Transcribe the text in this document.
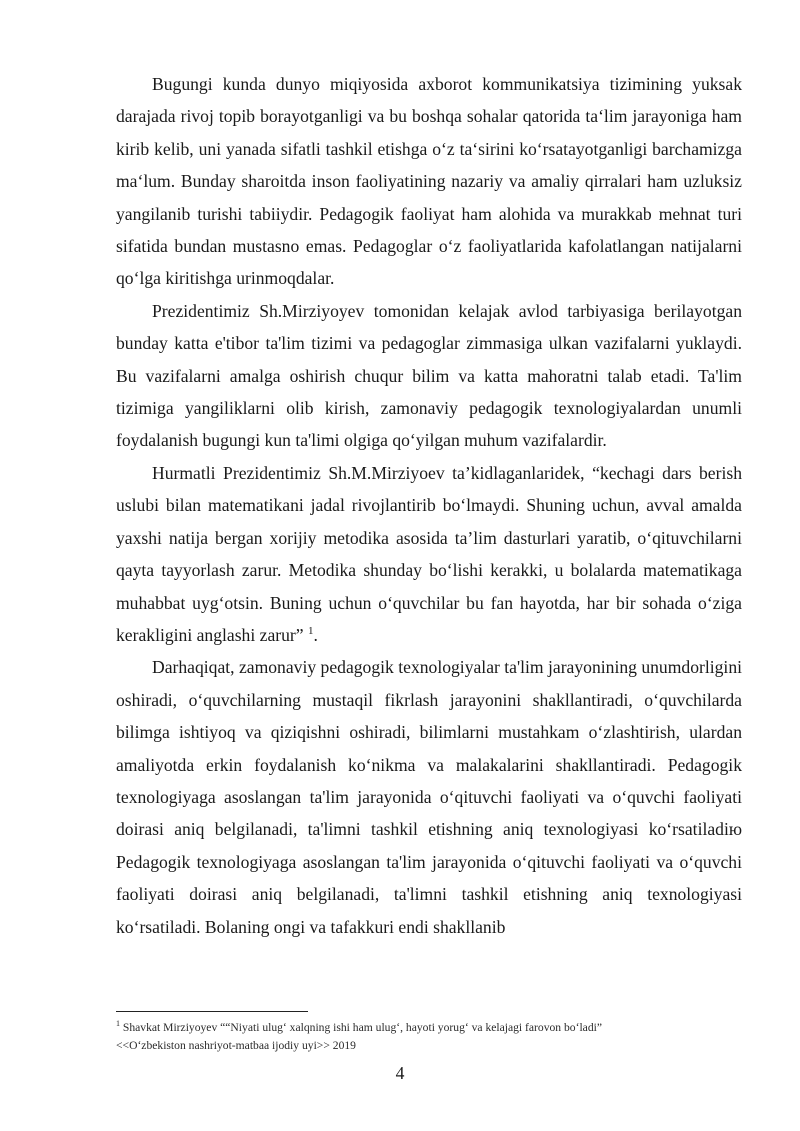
Bugungi kunda dunyo miqiyosida axborot kommunikatsiya tizimining yuksak darajada rivoj topib borayotganligi va bu boshqa sohalar qatorida taʻlim jarayoniga ham kirib kelib, uni yanada sifatli tashkil etishga oʻz taʻsirini koʻrsatayotganligi barchamizga maʻlum. Bunday sharoitda inson faoliyatining nazariy va amaliy qirralari ham uzluksiz yangilanib turishi tabiiydir. Pedagogik faoliyat ham alohida va murakkab mehnat turi sifatida bundan mustasno emas. Pedagoglar oʻz faoliyatlarida kafolatlangan natijalarni qoʻlga kiritishga urinmoqdalar.

Prezidentimiz Sh.Mirziyoyev tomonidan kelajak avlod tarbiyasiga berilayotgan bunday katta e'tibor ta'lim tizimi va pedagoglar zimmasiga ulkan vazifalarni yuklaydi. Bu vazifalarni amalga oshirish chuqur bilim va katta mahoratni talab etadi. Ta'lim tizimiga yangiliklarni olib kirish, zamonaviy pedagogik texnologiyalardan unumli foydalanish bugungi kun ta'limi olgiga qoʻyilgan muhum vazifalardir.

Hurmatli Prezidentimiz Sh.M.Mirziyoev ta’kidlaganlaridek, “kechagi dars berish uslubi bilan matematikani jadal rivojlantirib boʻlmaydi. Shuning uchun, avval amalda yaxshi natija bergan xorijiy metodika asosida ta’lim dasturlari yaratib, oʻqituvchilarni qayta tayyorlash zarur. Metodika shunday boʻlishi kerakki, u bolalarda matematikaga muhabbat uygʻotsin. Buning uchun oʻquvchilar bu fan hayotda, har bir sohada oʻziga kerakligini anglashi zarur” $^1$.

Darhaqiqat, zamonaviy pedagogik texnologiyalar ta'lim jarayonining unumdorligini oshiradi, oʻquvchilarning mustaqil fikrlash jarayonini shakllantiradi, oʻquvchilarda bilimga ishtiyoq va qiziqishni oshiradi, bilimlarni mustahkam oʻzlashtirish, ulardan amaliyotda erkin foydalanish koʻnikma va malakalarini shakllantiradi. Pedagogik texnologiyaga asoslangan ta'lim jarayonida oʻqituvchi faoliyati va oʻquvchi faoliyati doirasi aniq belgilanadi, ta'limni tashkil etishning aniq texnologiyasi koʻrsatiladiю Pedagogik texnologiyaga asoslangan ta'lim jarayonida oʻqituvchi faoliyati va oʻquvchi faoliyati doirasi aniq belgilanadi, ta'limni tashkil etishning aniq texnologiyasi koʻrsatiladi. Bolaning ongi va tafakkuri endi shakllanib

$^1$ Shavkat Mirziyoyev ““Niyati ulugʻ xalqning ishi ham ulugʻ, hayoti yorugʻ va kelajagi farovon boʻladi”
<<Oʻzbekiston nashriyot-matbaa ijodiy uyi>> 2019
4
